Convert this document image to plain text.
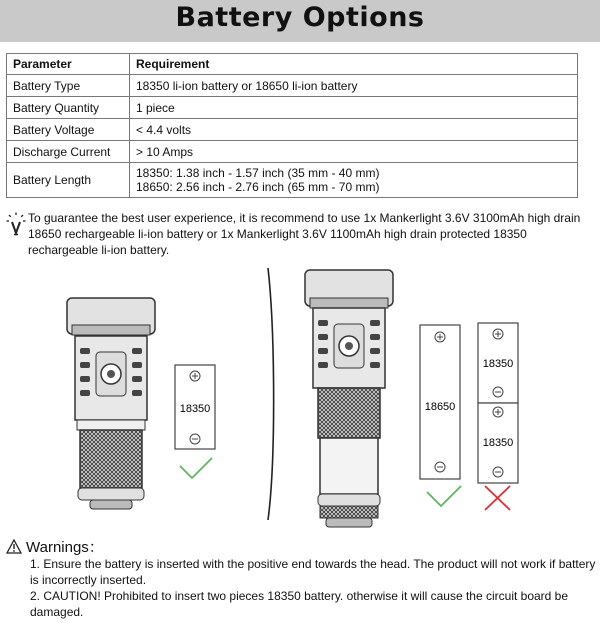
Battery Options
Parameter	Requirement
Battery Type	18350 li-ion battery or 18650 li-ion battery
Battery Quantity	1 piece
Battery Voltage	< 4.4 volts
Discharge Current	> 10 Amps
Battery Length	18350: 1.38 inch - 1.57 inch (35 mm - 40 mm)
18650: 2.56 inch - 2.76 inch (65 mm - 70 mm)
To guarantee the best user experience, it is recommend to use 1x Mankerlight 3.6V 3100mAh high drain 18650 rechargeable li-ion battery or 1x Mankerlight 3.6V 1100mAh high drain protected 18350 rechargeable li-ion battery.
18350	18650
18350
18350
Warnings：

1. Ensure the battery is inserted with the positive end towards the head. The product will not work if battery is incorrectly inserted.

2. CAUTION! Prohibited to insert two pieces 18350 battery. otherwise it will cause the circuit board be damaged.
